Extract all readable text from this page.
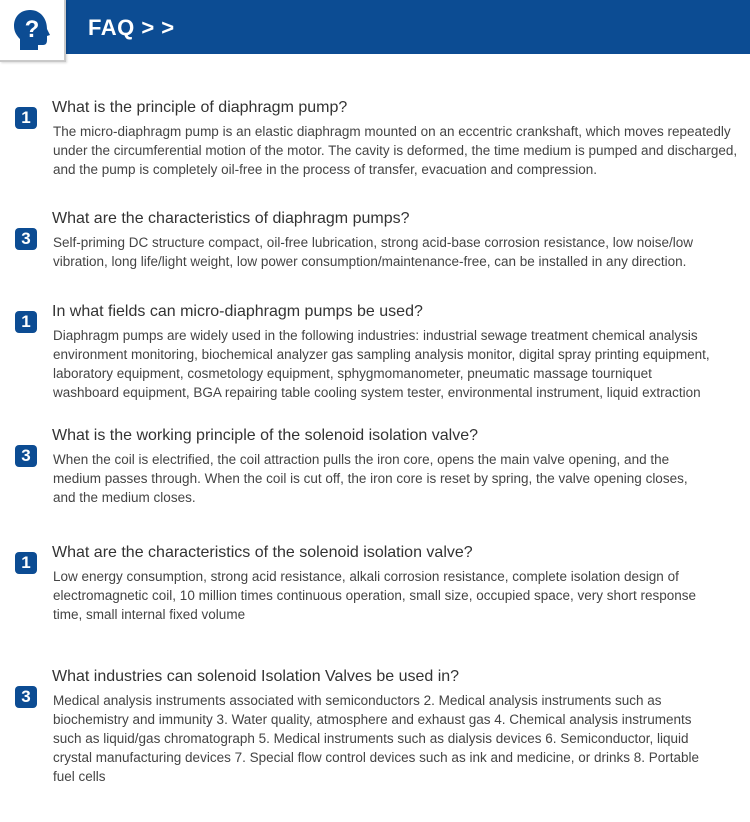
? FAQ > >
1
What is the principle of diaphragm pump?
The micro-diaphragm pump is an elastic diaphragm mounted on an eccentric crankshaft, which moves repeatedly
under the circumferential motion of the motor. The cavity is deformed, the time medium is pumped and discharged,
and the pump is completely oil-free in the process of transfer, evacuation and compression.
3
What are the characteristics of diaphragm pumps?
Self-priming DC structure compact, oil-free lubrication, strong acid-base corrosion resistance, low noise/low
vibration, long life/light weight, low power consumption/maintenance-free, can be installed in any direction.
1
In what fields can micro-diaphragm pumps be used?
Diaphragm pumps are widely used in the following industries: industrial sewage treatment chemical analysis
environment monitoring, biochemical analyzer gas sampling analysis monitor, digital spray printing equipment,
laboratory equipment, cosmetology equipment, sphygmomanometer, pneumatic massage tourniquet
washboard equipment, BGA repairing table cooling system tester, environmental instrument, liquid extraction
3
What is the working principle of the solenoid isolation valve?
When the coil is electrified, the coil attraction pulls the iron core, opens the main valve opening, and the
medium passes through. When the coil is cut off, the iron core is reset by spring, the valve opening closes,
and the medium closes.
1
What are the characteristics of the solenoid isolation valve?
Low energy consumption, strong acid resistance, alkali corrosion resistance, complete isolation design of
electromagnetic coil, 10 million times continuous operation, small size, occupied space, very short response
time, small internal fixed volume
3
What industries can solenoid Isolation Valves be used in?
Medical analysis instruments associated with semiconductors 2. Medical analysis instruments such as
biochemistry and immunity 3. Water quality, atmosphere and exhaust gas 4. Chemical analysis instruments
such as liquid/gas chromatograph 5. Medical instruments such as dialysis devices 6. Semiconductor, liquid
crystal manufacturing devices 7. Special flow control devices such as ink and medicine, or drinks 8. Portable
fuel cells
